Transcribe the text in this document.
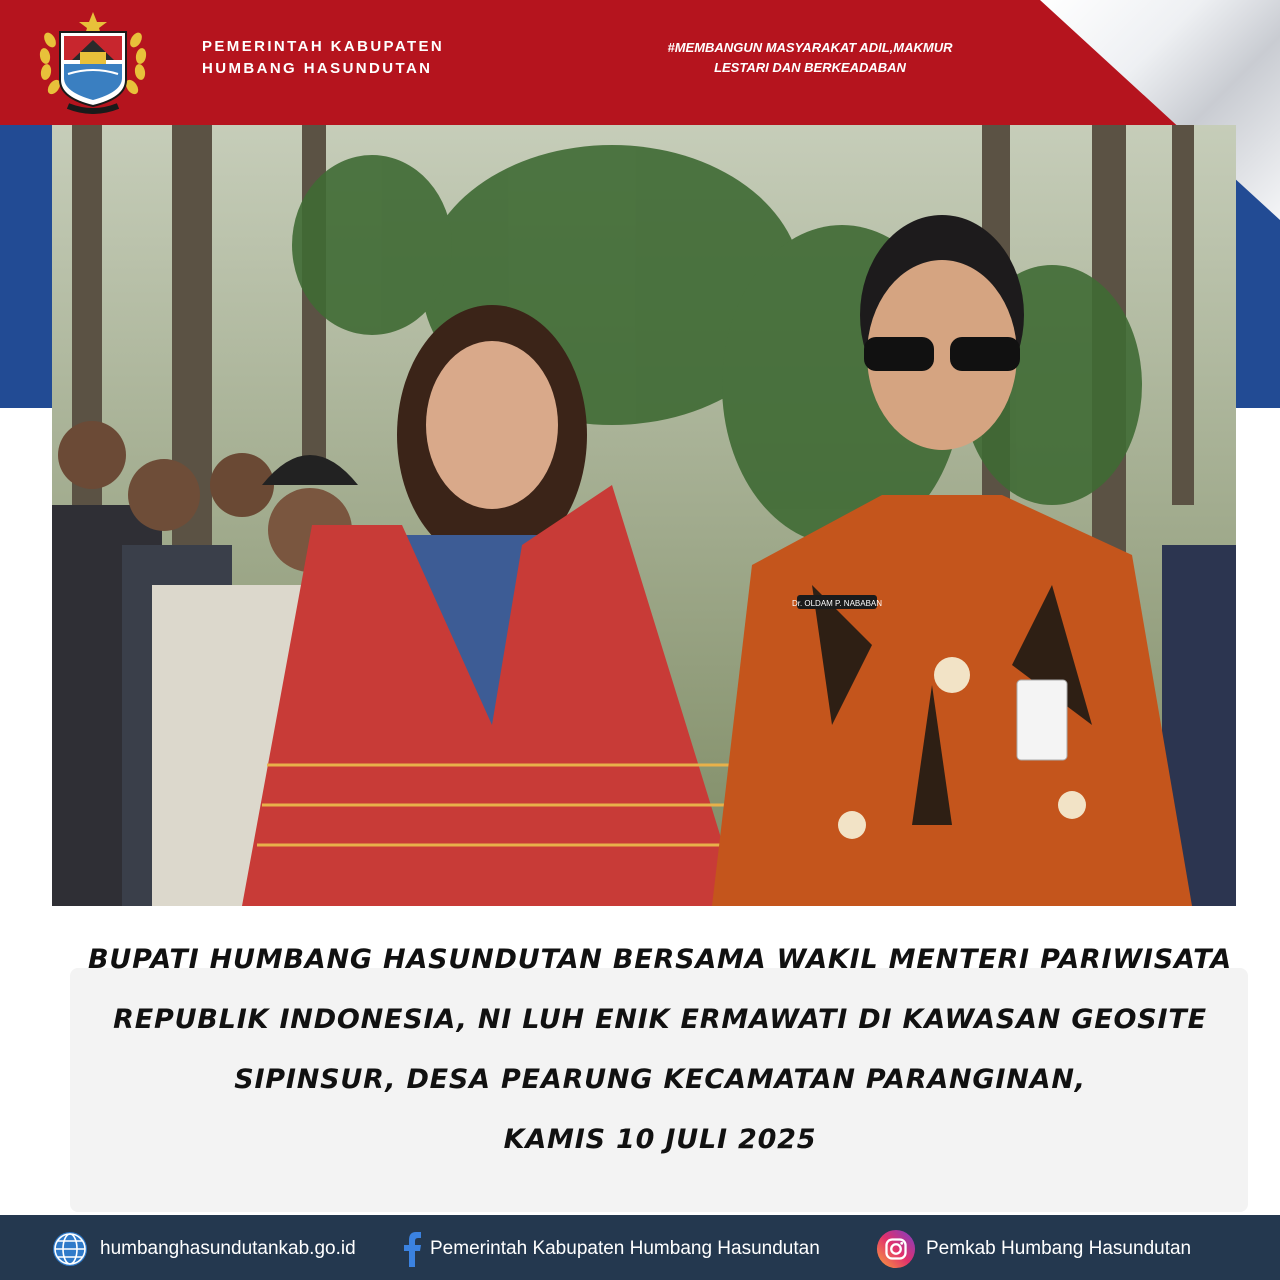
PEMERINTAH KABUPATEN
HUMBANG HASUNDUTAN
#MEMBANGUN MASYARAKAT ADIL,MAKMUR
LESTARI DAN BERKEADABAN
Dr. OLDAM P. NABABAN
BUPATI HUMBANG HASUNDUTAN BERSAMA WAKIL MENTERI PARIWISATA
REPUBLIK INDONESIA, NI LUH ENIK ERMAWATI DI KAWASAN GEOSITE
SIPINSUR, DESA PEARUNG KECAMATAN PARANGINAN,
KAMIS 10 JULI 2025
humbanghasundutankab.go.id	Pemerintah Kabupaten Humbang Hasundutan	Pemkab Humbang Hasundutan
